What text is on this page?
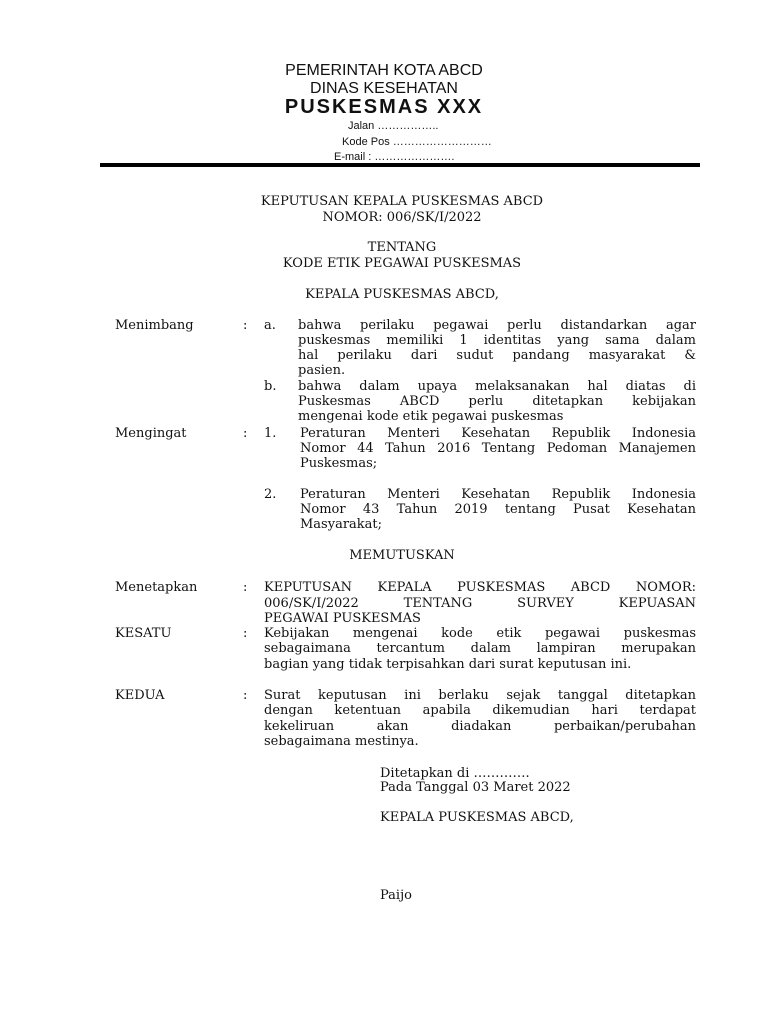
PEMERINTAH KOTA ABCD
DINAS KESEHATAN
PUSKESMAS XXX
Jalan ……………..
Kode Pos ………………………
E-mail : ………………….
KEPUTUSAN KEPALA PUSKESMAS ABCD
NOMOR: 006/SK/I/2022
TENTANG
KODE ETIK PEGAWAI PUSKESMAS
KEPALA PUSKESMAS ABCD,
Menimbang	: a. bahwa perilaku pegawai perlu distandarkan agar
puskesmas memiliki 1 identitas yang sama dalam
hal perilaku dari sudut pandang masyarakat &
pasien.
b. bahwa dalam upaya melaksanakan hal diatas di
Puskesmas ABCD perlu ditetapkan kebijakan
mengenai kode etik pegawai puskesmas
Mengingat	: 1. Peraturan Menteri Kesehatan Republik Indonesia
Nomor 44 Tahun 2016 Tentang Pedoman Manajemen
Puskesmas;
2. Peraturan Menteri Kesehatan Republik Indonesia
Nomor 43 Tahun 2019 tentang Pusat Kesehatan
Masyarakat;
MEMUTUSKAN
Menetapkan	: KEPUTUSAN KEPALA PUSKESMAS ABCD NOMOR:
006/SK/I/2022 TENTANG SURVEY KEPUASAN
PEGAWAI PUSKESMAS
KESATU	: Kebijakan mengenai kode etik pegawai puskesmas
sebagaimana tercantum dalam lampiran merupakan
bagian yang tidak terpisahkan dari surat keputusan ini.
KEDUA	: Surat keputusan ini berlaku sejak tanggal ditetapkan
dengan ketentuan apabila dikemudian hari terdapat
kekeliruan akan diadakan perbaikan/perubahan
sebagaimana mestinya.
Ditetapkan di ………….
Pada Tanggal 03 Maret 2022
KEPALA PUSKESMAS ABCD,
Paijo
